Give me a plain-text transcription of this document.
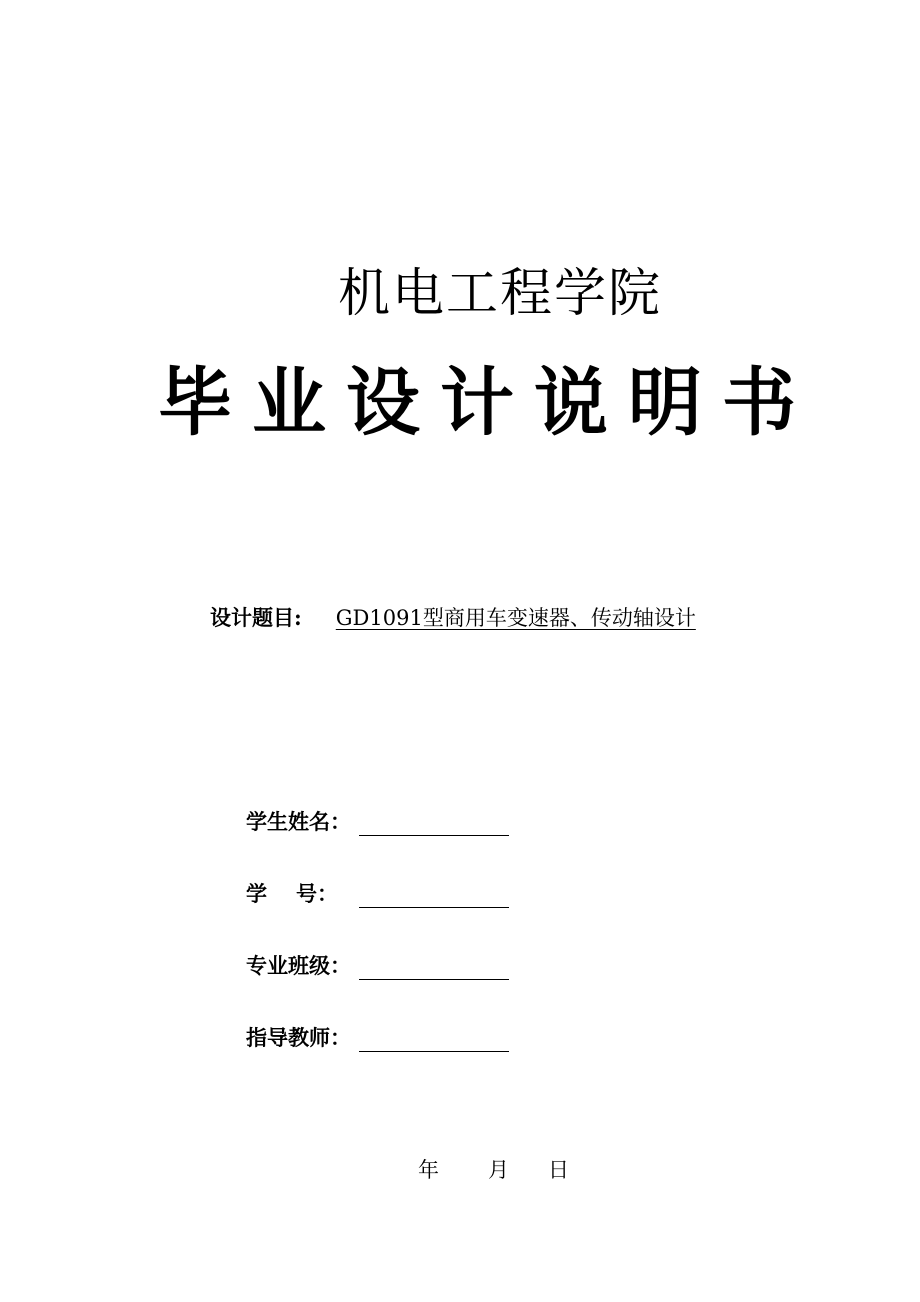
机电工程学院
毕业设计说明书
设计题目: GD1091型商用车变速器、传动轴设计
学生姓名：
学 号：
专业班级：
指导教师：
年 月 日
